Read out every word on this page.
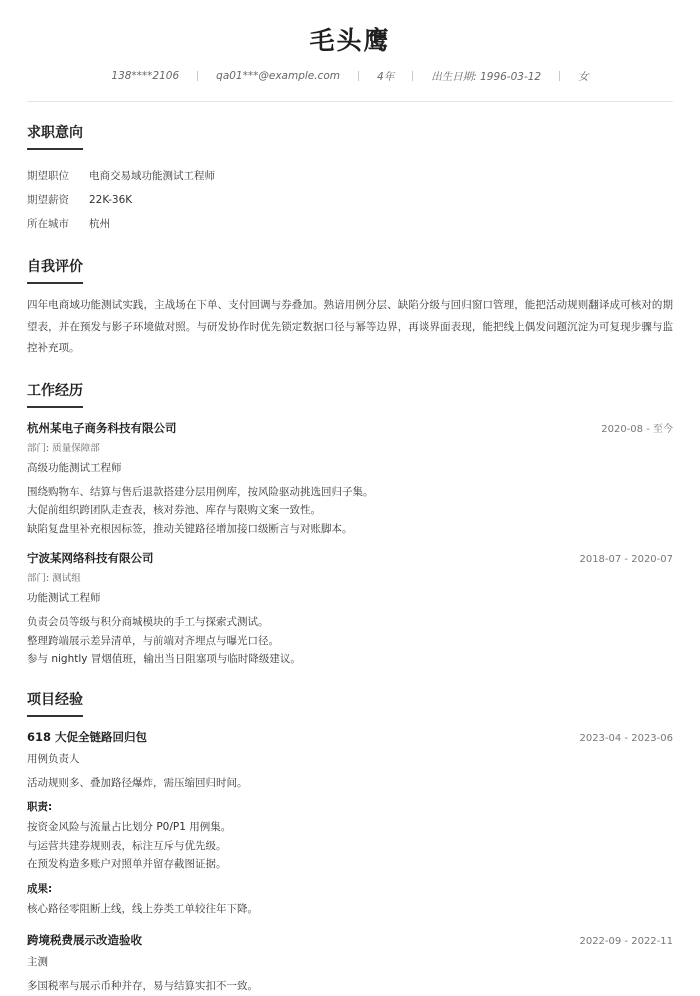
毛头鹰
138****2106	qa01***@example.com	4年	出生日期: 1996-03-12	女
求职意向
期望职位	电商交易域功能测试工程师
期望薪资	22K-36K
所在城市	杭州
自我评价
四年电商域功能测试实践，主战场在下单、支付回调与券叠加。熟谙用例分层、缺陷分级与回归窗口管理，能把活动规则翻译成可核对的期望表，并在预发与影子环境做对照。与研发协作时优先锁定数据口径与幂等边界，再谈界面表现，能把线上偶发问题沉淀为可复现步骤与监控补充项。
工作经历
杭州某电子商务科技有限公司	2020-08 - 至今
部门: 质量保障部
高级功能测试工程师
围绕购物车、结算与售后退款搭建分层用例库，按风险驱动挑选回归子集。
大促前组织跨团队走查表，核对券池、库存与限购文案一致性。
缺陷复盘里补充根因标签，推动关键路径增加接口级断言与对账脚本。
宁波某网络科技有限公司	2018-07 - 2020-07
部门: 测试组
功能测试工程师
负责会员等级与积分商城模块的手工与探索式测试。
整理跨端展示差异清单，与前端对齐埋点与曝光口径。
参与 nightly 冒烟值班，输出当日阻塞项与临时降级建议。
项目经验
618 大促全链路回归包	2023-04 - 2023-06
用例负责人
活动规则多、叠加路径爆炸，需压缩回归时间。
职责:
按资金风险与流量占比划分 P0/P1 用例集。
与运营共建券规则表，标注互斥与优先级。
在预发构造多账户对照单并留存截图证据。
成果:
核心路径零阻断上线，线上券类工单较往年下降。
跨境税费展示改造验收	2022-09 - 2022-11
主测
多国税率与展示币种并存，易与结算实扣不一致。
